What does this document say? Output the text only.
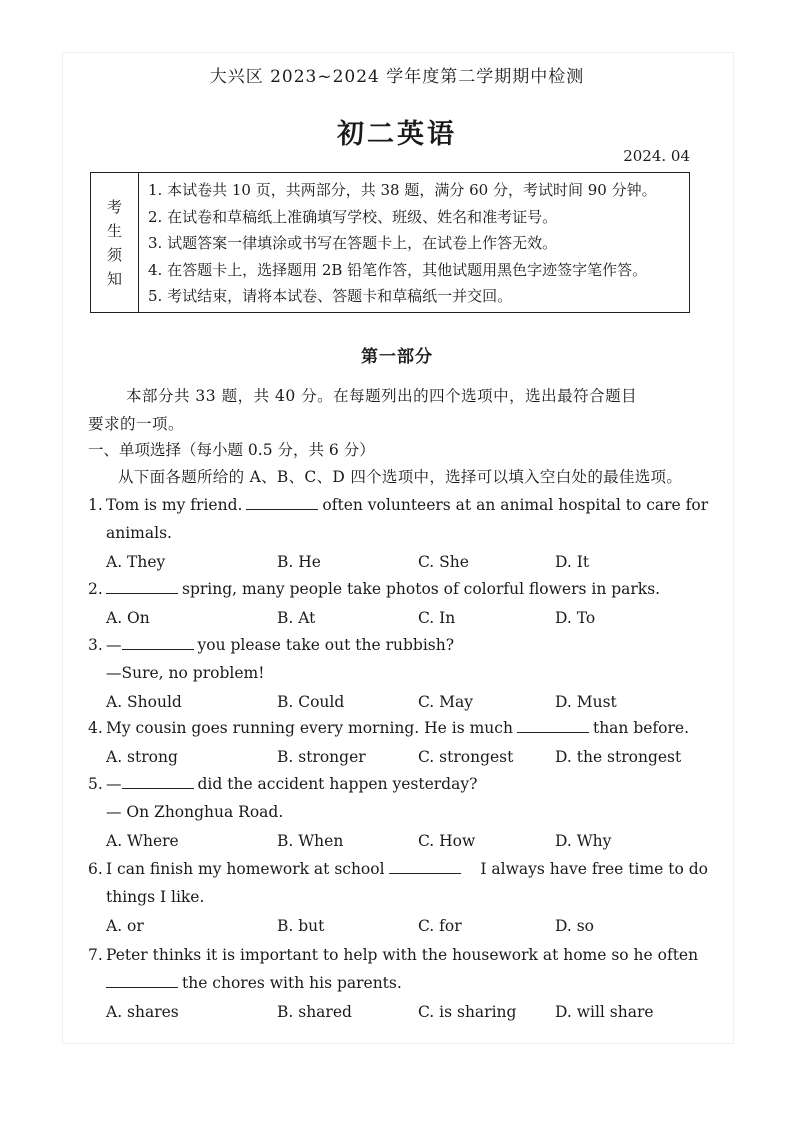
大兴区 2023~2024 学年度第二学期期中检测
初二英语
2024. 04
考
生
须
知
1. 本试卷共 10 页，共两部分，共 38 题，满分 60 分，考试时间 90 分钟。
2. 在试卷和草稿纸上准确填写学校、班级、姓名和准考证号。
3. 试题答案一律填涂或书写在答题卡上，在试卷上作答无效。
4. 在答题卡上，选择题用 2B 铅笔作答，其他试题用黑色字迹签字笔作答。
5. 考试结束，请将本试卷、答题卡和草稿纸一并交回。
第一部分
本部分共 33 题，共 40 分。在每题列出的四个选项中，选出最符合题目
要求的一项。
一、单项选择（每小题 0.5 分，共 6 分）
从下面各题所给的 A、B、C、D 四个选项中，选择可以填入空白处的最佳选项。
1. Tom is my friend.	often volunteers at an animal hospital to care for
animals.
A. They	B. He	C. She	D. It
2.	spring, many people take photos of colorful flowers in parks.
A. On	B. At	C. In	D. To
3. —	you please take out the rubbish?
—Sure, no problem!
A. Should	B. Could	C. May	D. Must
4. My cousin goes running every morning. He is much	than before.
A. strong	B. stronger	C. strongest	D. the strongest
5. —	did the accident happen yesterday?
— On Zhonghua Road.
A. Where	B. When	C. How	D. Why
6. I can finish my homework at school	I always have free time to do
things I like.
A. or	B. but	C. for	D. so
7. Peter thinks it is important to help with the housework at home so he often
the chores with his parents.
A. shares	B. shared	C. is sharing D. will share
